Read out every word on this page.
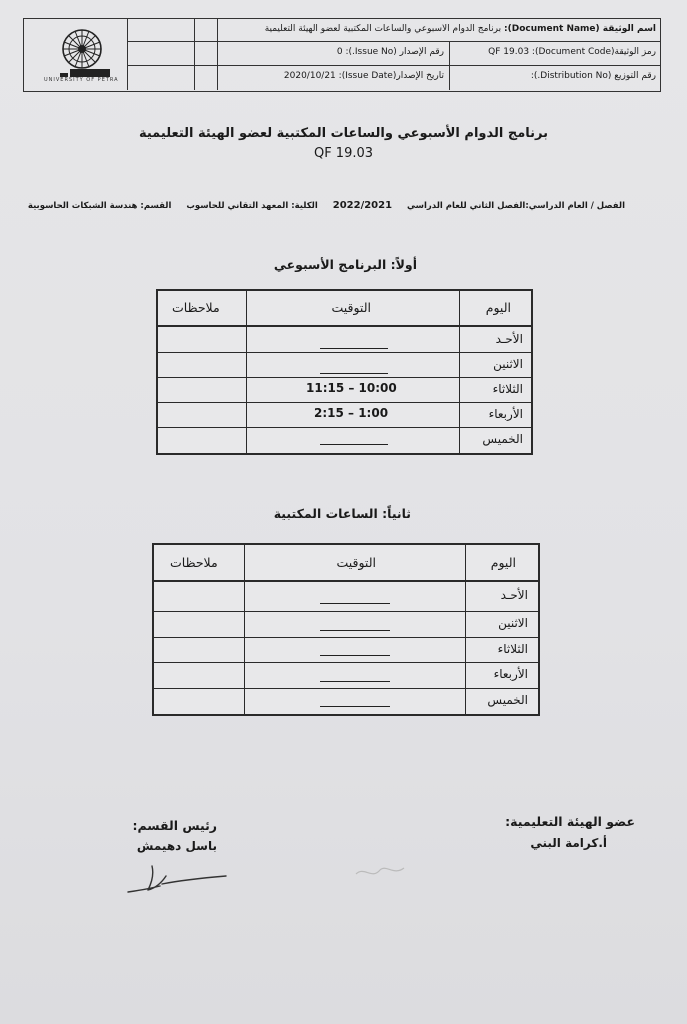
UNIVERSITY OF PETRA
اسم الوثيقة (Document Name): برنامج الدوام الأسبوعي والساعات المكتبية لعضو الهيئة التعليمية
رمز الوثيقة(Document Code): QF 19.03
رقم الإصدار (Issue No.): 0
رقم التوزيع (Distribution No.):
تاريخ الإصدار(Issue Date): 2020/10/21
برنامج الدوام الأسبوعي والساعات المكتبية لعضو الهيئة التعليمية
QF 19.03
الفصل / العام الدراسي:الفصل الثاني للعام الدراسي 2022/2021 الكلية: المعهد التقاني للحاسوب القسم: هندسة الشبكات الحاسوبية
أولاً: البرنامج الأسبوعي
اليوم
التوقيت
ملاحظات
الأحـد
الاثنين
الثلاثاء
الأربعاء
الخميس
11:15 – 10:00
2:15 – 1:00
ثانياً: الساعات المكتبية
اليوم
التوقيت
ملاحظات
الأحـد
الاثنين
الثلاثاء
الأربعاء
الخميس
عضو الهيئة التعليمية:
أ.كرامة البني
رئيس القسم:
باسل دهيمش
